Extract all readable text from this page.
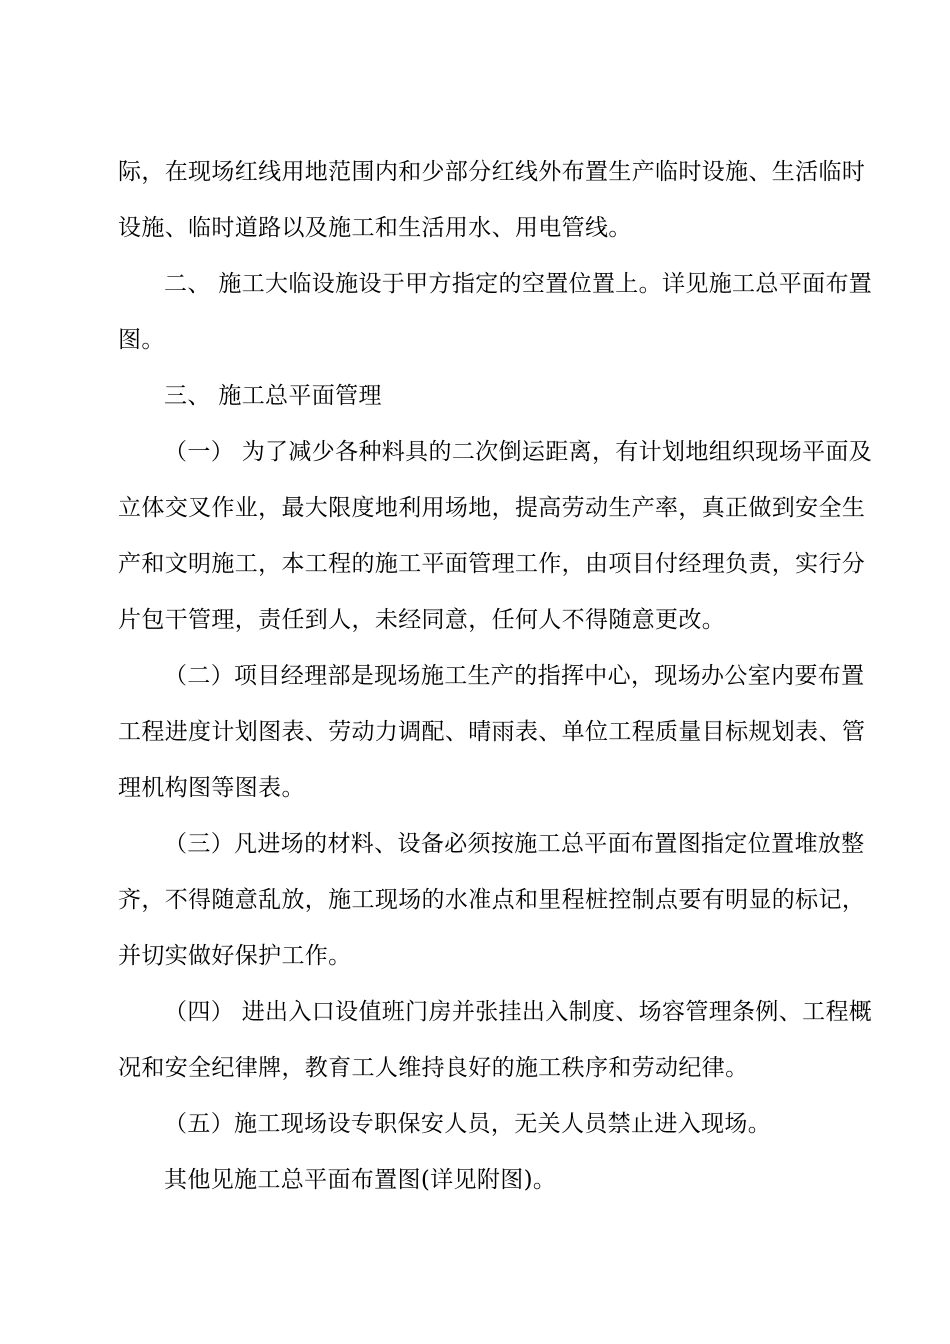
际，在现场红线用地范围内和少部分红线外布置生产临时设施、生活临时
设施、临时道路以及施工和生活用水、用电管线。
二、 施工大临设施设于甲方指定的空置位置上。详见施工总平面布置
图。
三、 施工总平面管理
（一） 为了减少各种料具的二次倒运距离，有计划地组织现场平面及
立体交叉作业，最大限度地利用场地，提高劳动生产率，真正做到安全生
产和文明施工，本工程的施工平面管理工作，由项目付经理负责，实行分
片包干管理，责任到人，未经同意，任何人不得随意更改。
（二）项目经理部是现场施工生产的指挥中心，现场办公室内要布置
工程进度计划图表、劳动力调配、晴雨表、单位工程质量目标规划表、管
理机构图等图表。
（三）凡进场的材料、设备必须按施工总平面布置图指定位置堆放整
齐，不得随意乱放，施工现场的水准点和里程桩控制点要有明显的标记，
并切实做好保护工作。
（四） 进出入口设值班门房并张挂出入制度、场容管理条例、工程概
况和安全纪律牌，教育工人维持良好的施工秩序和劳动纪律。
（五）施工现场设专职保安人员，无关人员禁止进入现场。
其他见施工总平面布置图(详见附图)。
